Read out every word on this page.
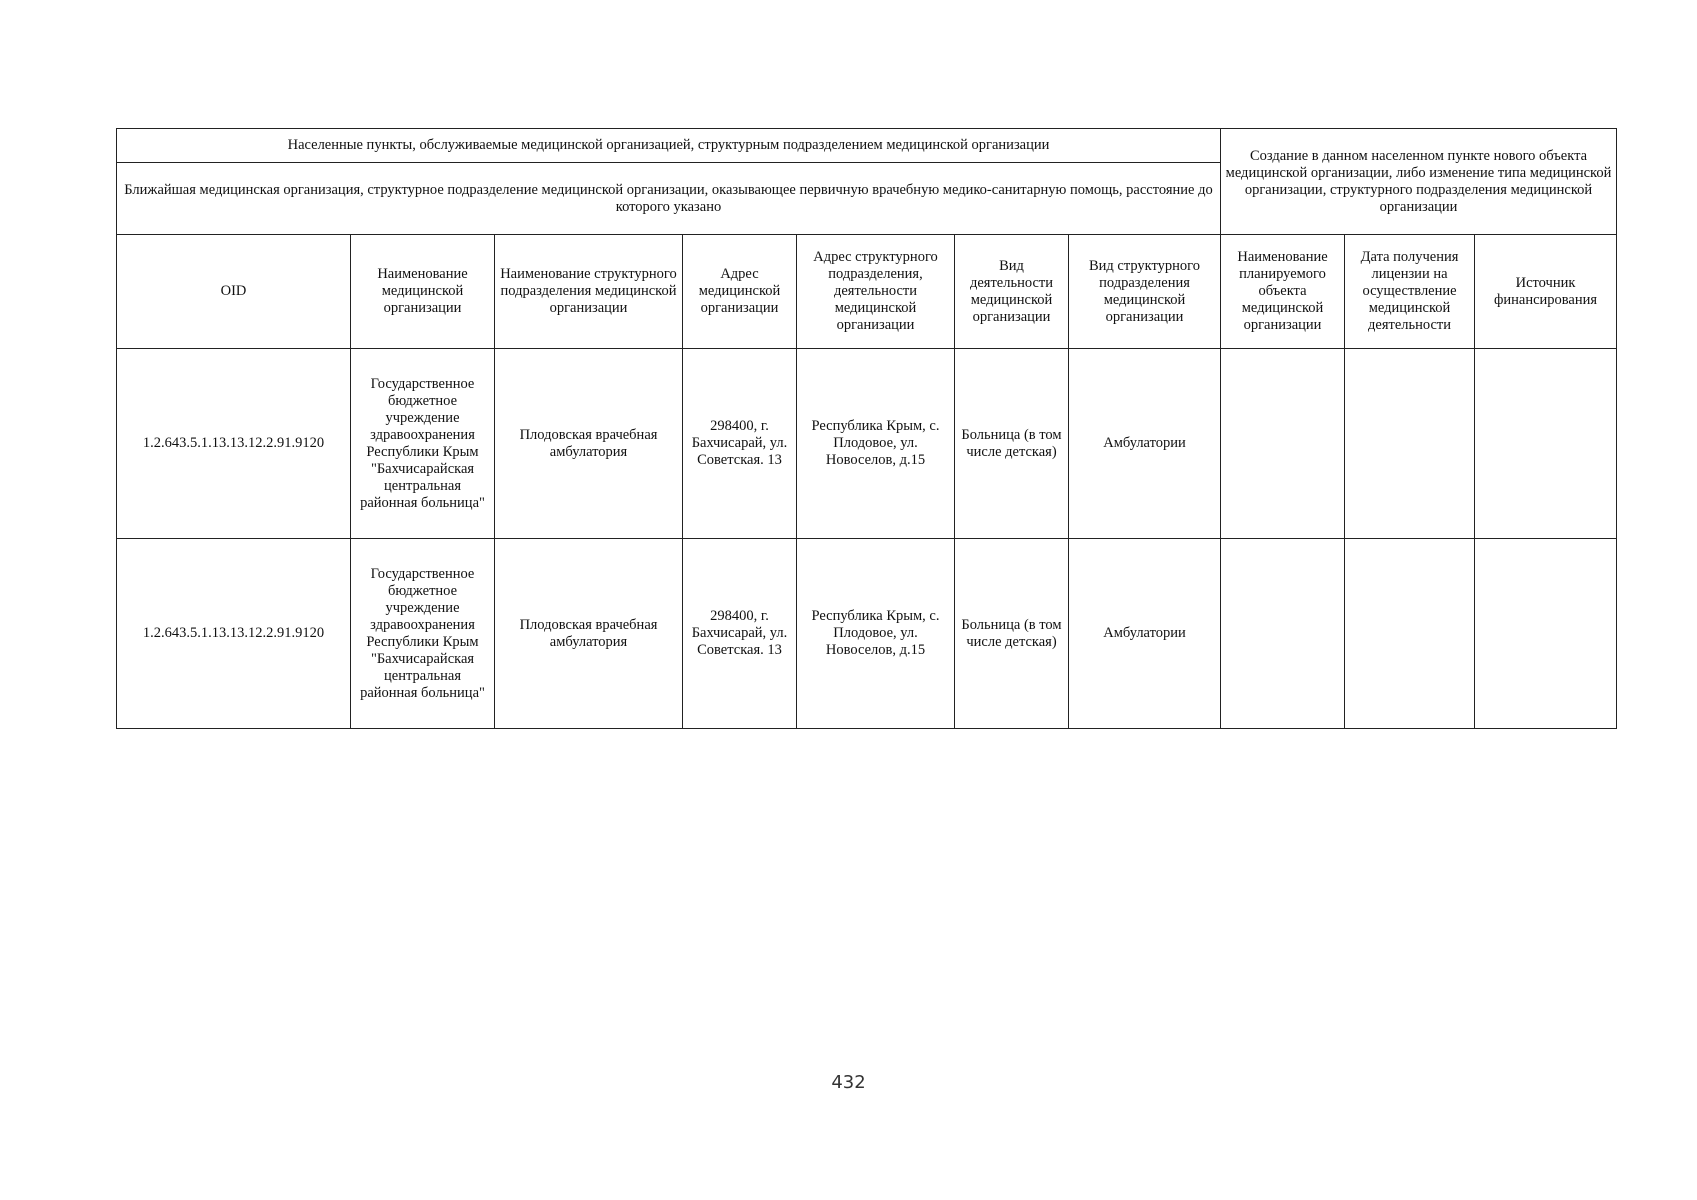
Населенные пункты, обслуживаемые медицинской организацией, структурным подразделением медицинской организации							Создание в данном населенном пункте нового объекта медицинской организации, либо изменение типа медицинской организации, структурного подразделения медицинской организации		
Ближайшая медицинская организация, структурное подразделение медицинской организации, оказывающее первичную врачебную медико-санитарную помощь, расстояние до которого указано									
OID	Наименование медицинской организации	Наименование структурного подразделения медицинской организации	Адрес медицинской организации	Адрес структурного подразделения, деятельности медицинской организации	Вид деятельности медицинской организации	Вид структурного подразделения медицинской организации	Наименование планируемого объекта медицинской организации	Дата получения лицензии на осуществление медицинской деятельности	Источник финансирования
1.2.643.5.1.13.13.12.2.91.9120	Государственное бюджетное учреждение здравоохранения Республики Крым "Бахчисарайская центральная районная больница"	Плодовская врачебная амбулатория	298400, г. Бахчисарай, ул. Советская. 13	Республика Крым, с. Плодовое, ул. Новоселов, д.15	Больница (в том числе детская)	Амбулатории			
1.2.643.5.1.13.13.12.2.91.9120	Государственное бюджетное учреждение здравоохранения Республики Крым "Бахчисарайская центральная районная больница"	Плодовская врачебная амбулатория	298400, г. Бахчисарай, ул. Советская. 13	Республика Крым, с. Плодовое, ул. Новоселов, д.15	Больница (в том числе детская)	Амбулатории			
432
